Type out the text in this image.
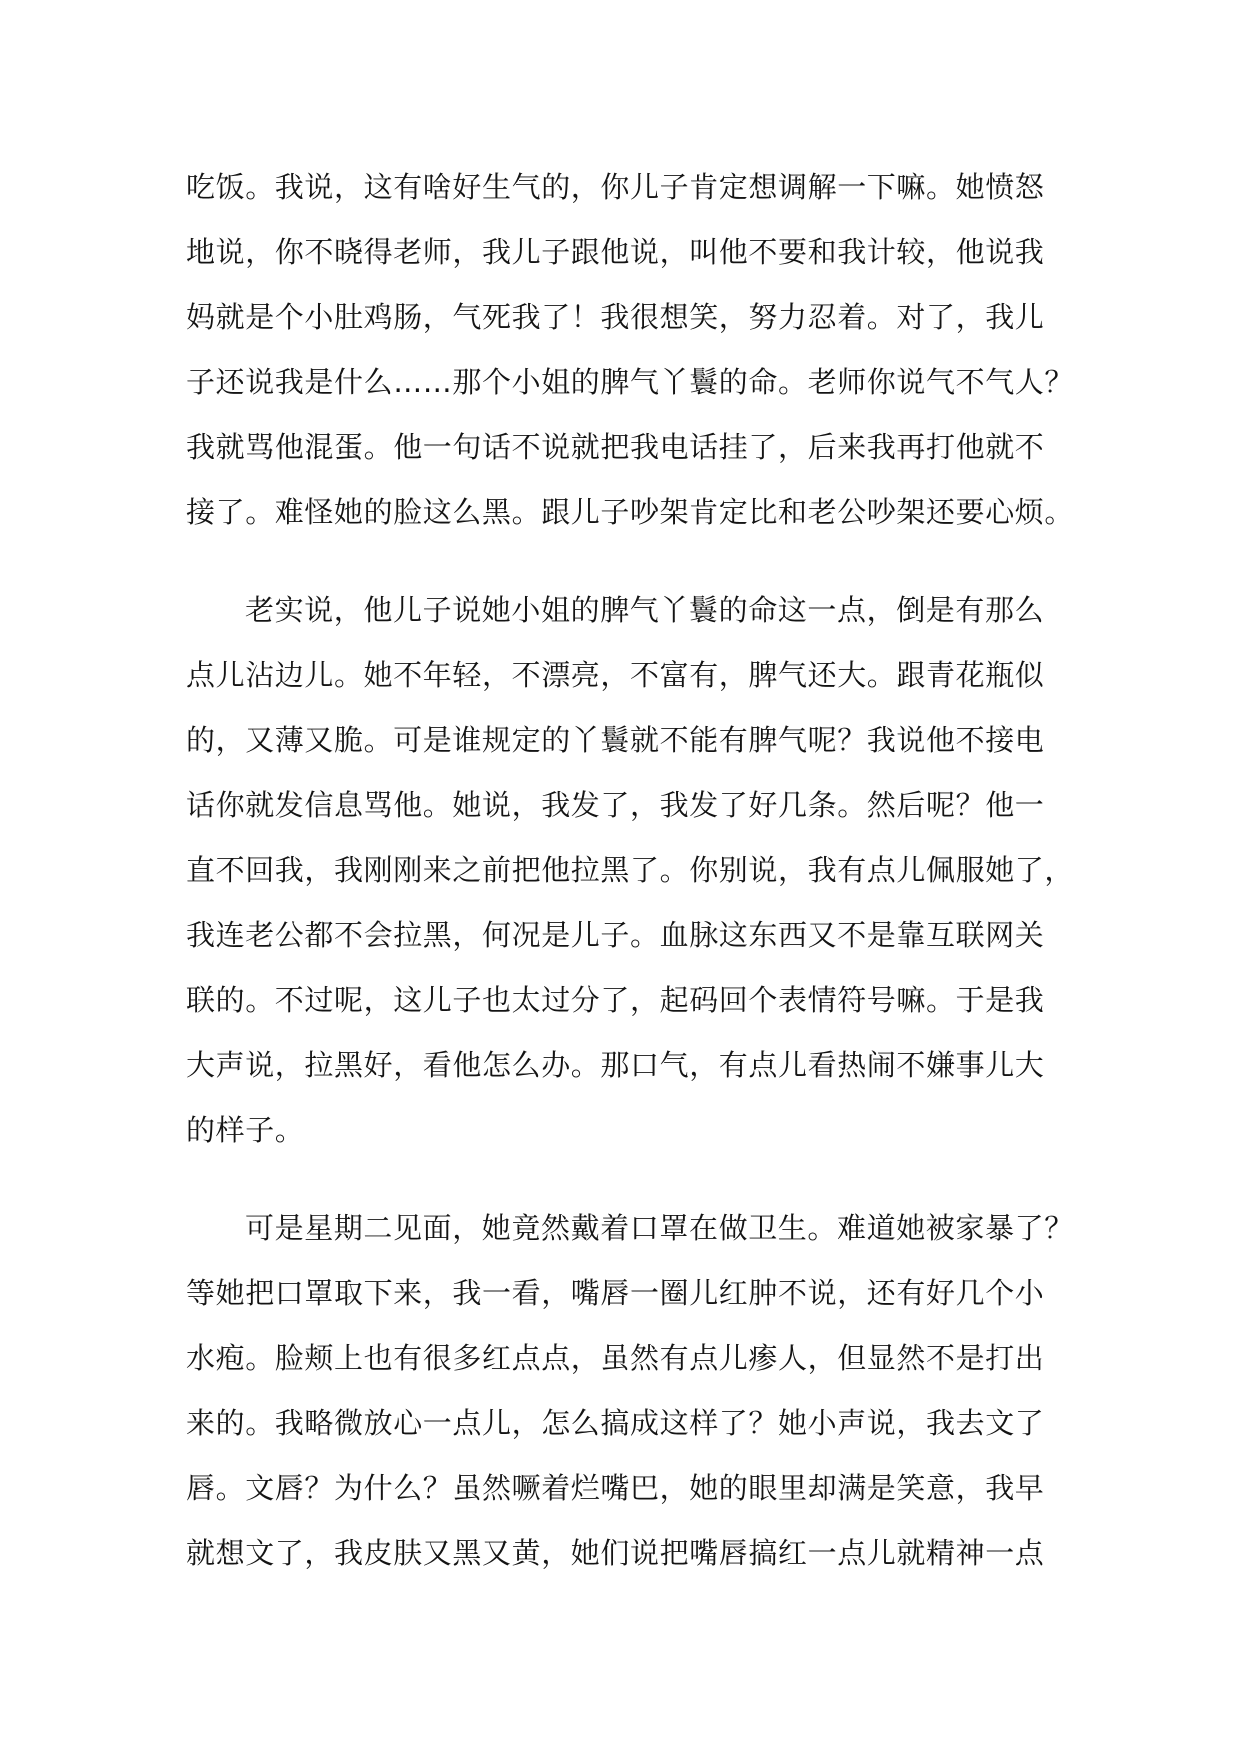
吃饭。我说，这有啥好生气的，你儿子肯定想调解一下嘛。她愤怒
地说，你不晓得老师，我儿子跟他说，叫他不要和我计较，他说我
妈就是个小肚鸡肠，气死我了！我很想笑，努力忍着。对了，我儿
子还说我是什么……那个小姐的脾气丫鬟的命。老师你说气不气人？
我就骂他混蛋。他一句话不说就把我电话挂了，后来我再打他就不
接了。难怪她的脸这么黑。跟儿子吵架肯定比和老公吵架还要心烦。
老实说，他儿子说她小姐的脾气丫鬟的命这一点，倒是有那么
点儿沾边儿。她不年轻，不漂亮，不富有，脾气还大。跟青花瓶似
的，又薄又脆。可是谁规定的丫鬟就不能有脾气呢？我说他不接电
话你就发信息骂他。她说，我发了，我发了好几条。然后呢？他一
直不回我，我刚刚来之前把他拉黑了。你别说，我有点儿佩服她了，
我连老公都不会拉黑，何况是儿子。血脉这东西又不是靠互联网关
联的。不过呢，这儿子也太过分了，起码回个表情符号嘛。于是我
大声说，拉黑好，看他怎么办。那口气，有点儿看热闹不嫌事儿大
的样子。
可是星期二见面，她竟然戴着口罩在做卫生。难道她被家暴了？
等她把口罩取下来，我一看，嘴唇一圈儿红肿不说，还有好几个小
水疱。脸颊上也有很多红点点，虽然有点儿瘆人，但显然不是打出
来的。我略微放心一点儿，怎么搞成这样了？她小声说，我去文了
唇。文唇？为什么？虽然噘着烂嘴巴，她的眼里却满是笑意，我早
就想文了，我皮肤又黑又黄，她们说把嘴唇搞红一点儿就精神一点
